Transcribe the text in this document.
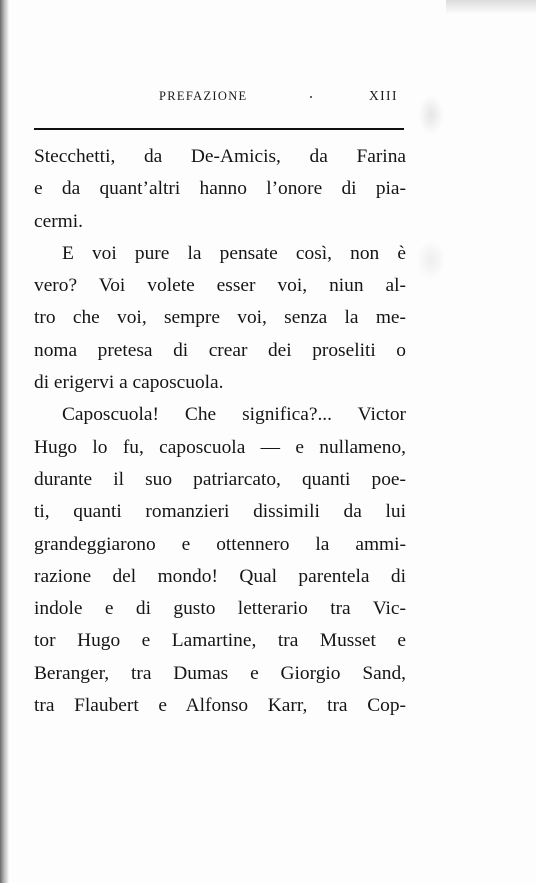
PREFAZIONE	XIII
Stecchetti, da De-Amicis, da Farina
e da quant’altri hanno l’onore di pia-
cermi.
E voi pure la pensate così, non è
vero? Voi volete esser voi, niun al-
tro che voi, sempre voi, senza la me-
noma pretesa di crear dei proseliti o
di erigervi a caposcuola.
Caposcuola! Che significa?... Victor
Hugo lo fu, caposcuola — e nullameno,
durante il suo patriarcato, quanti poe-
ti, quanti romanzieri dissimili da lui
grandeggiarono e ottennero la ammi-
razione del mondo! Qual parentela di
indole e di gusto letterario tra Vic-
tor Hugo e Lamartine, tra Musset e
Beranger, tra Dumas e Giorgio Sand,
tra Flaubert e Alfonso Karr, tra Cop-
